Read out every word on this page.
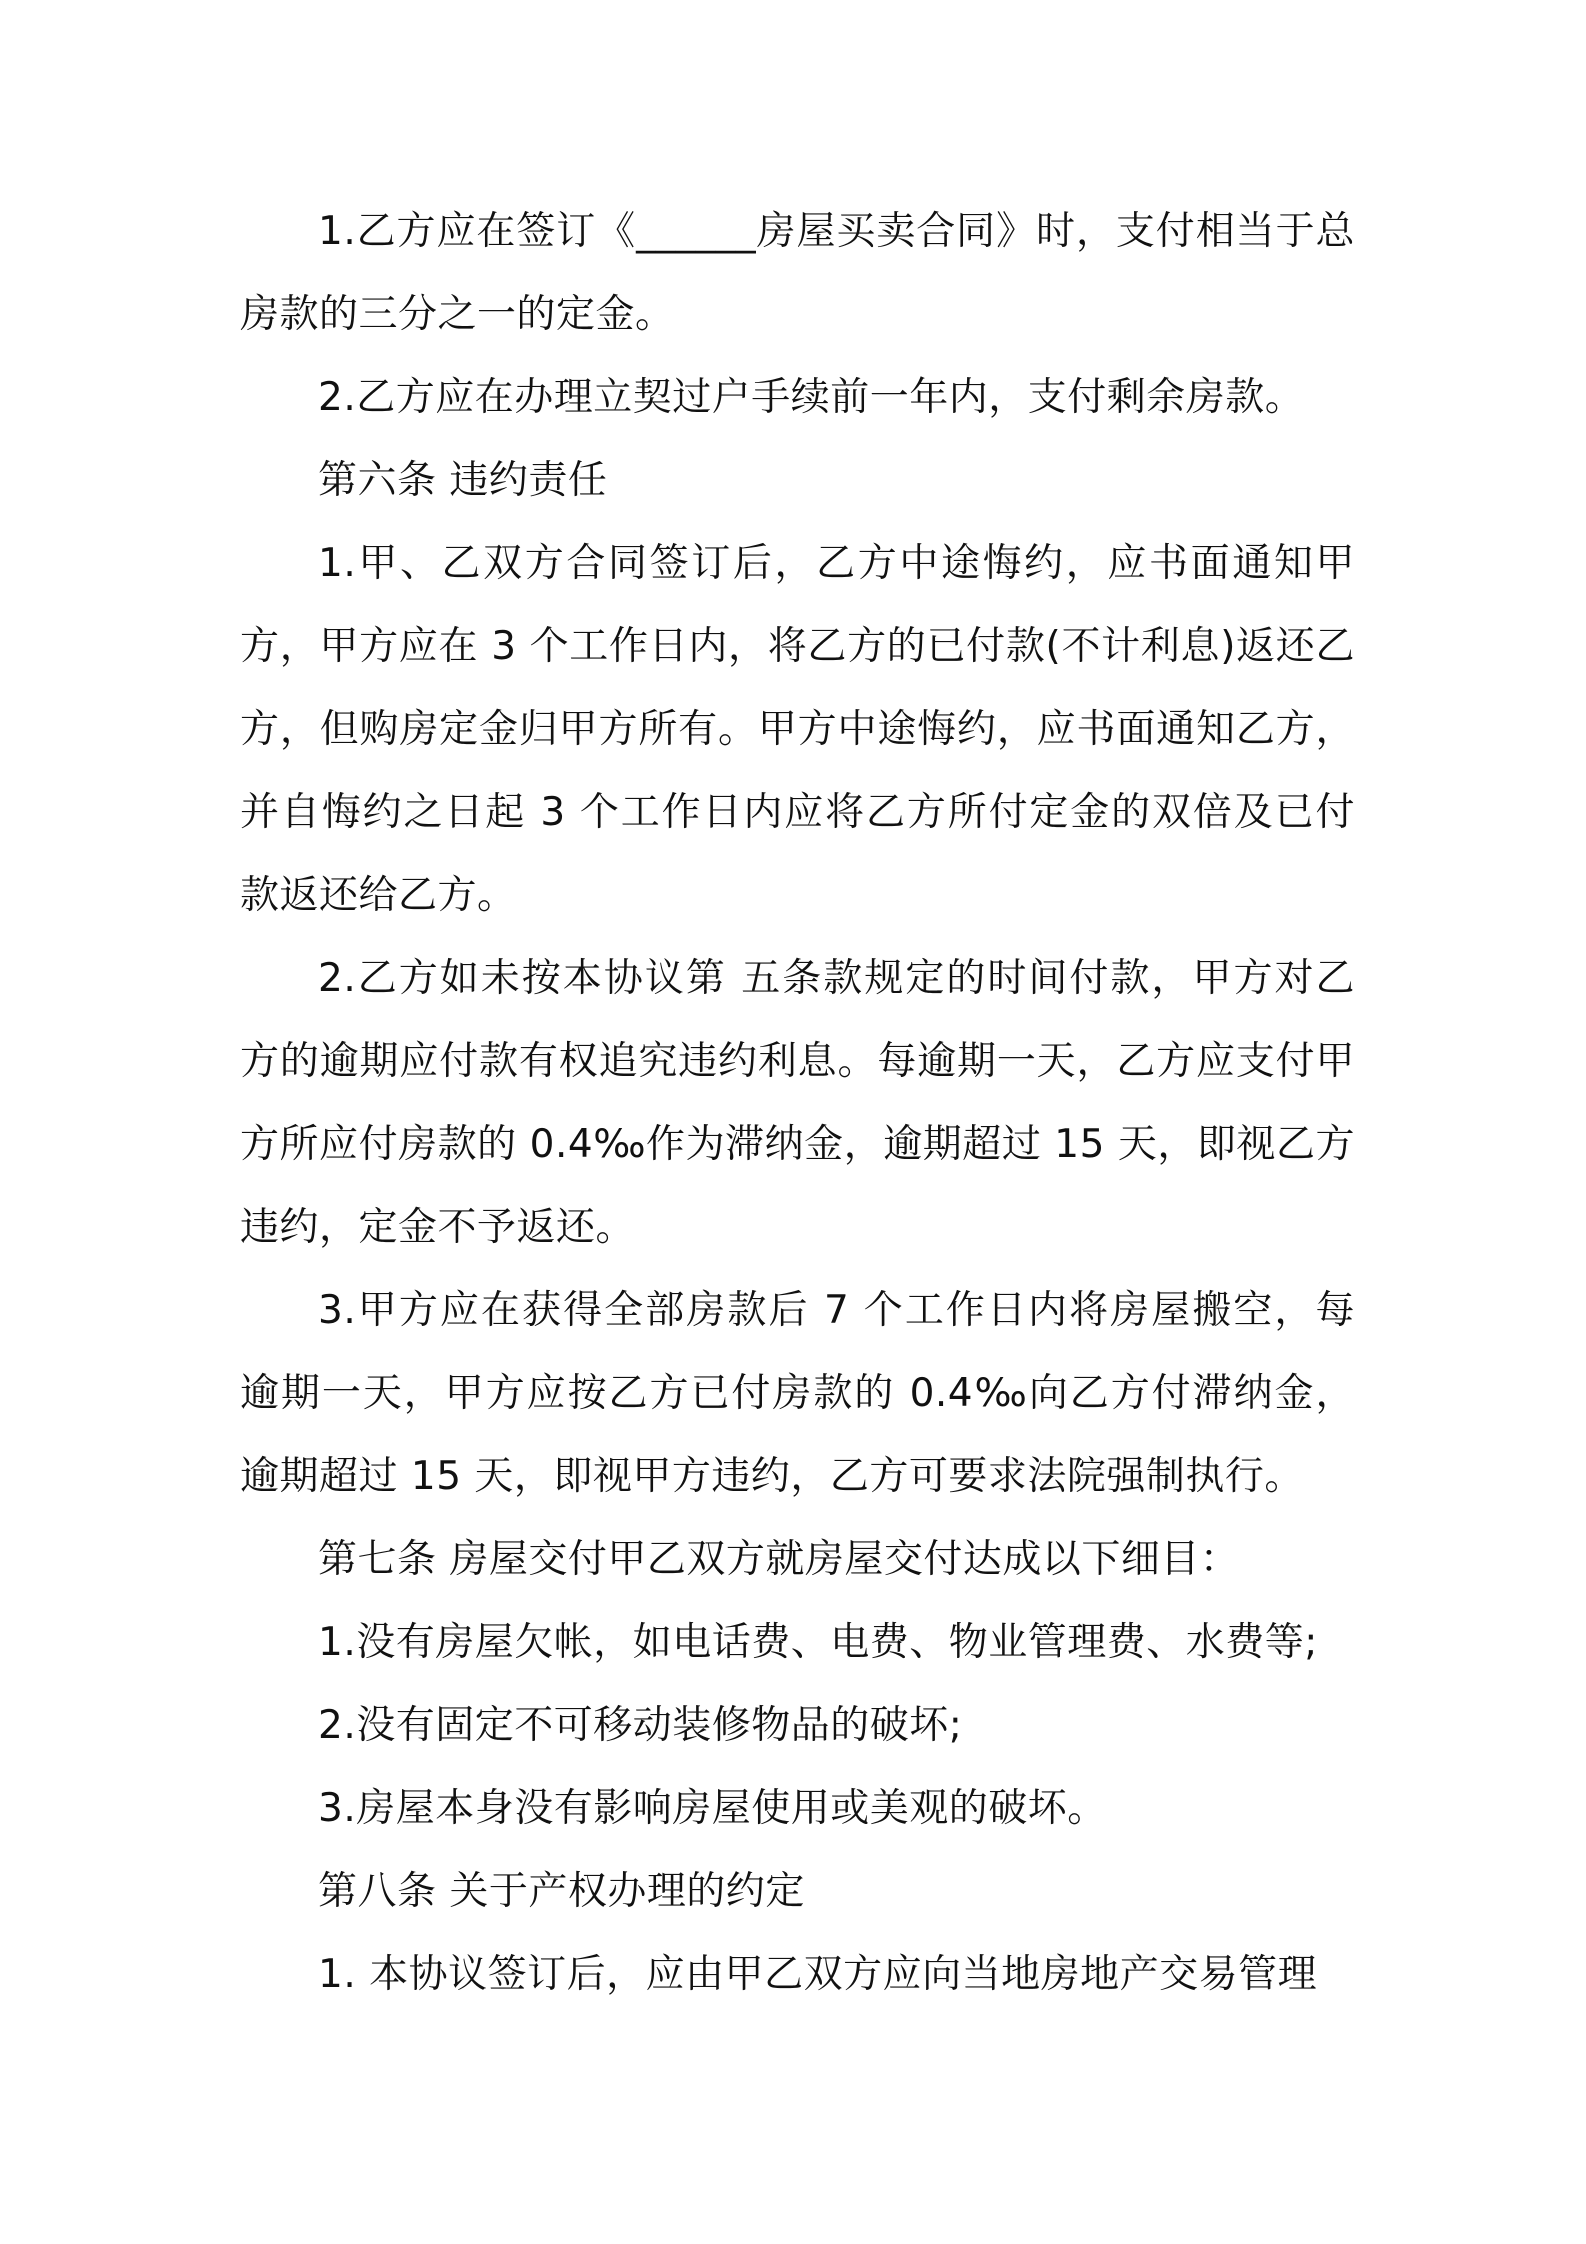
1.乙方应在签订《______房屋买卖合同》时，支付相当于总房款的三分之一的定金。

2.乙方应在办理立契过户手续前一年内，支付剩余房款。

第六条 违约责任

1.甲、乙双方合同签订后，乙方中途悔约，应书面通知甲方，甲方应在 3 个工作日内，将乙方的已付款(不计利息)返还乙方，但购房定金归甲方所有。甲方中途悔约，应书面通知乙方，并自悔约之日起 3 个工作日内应将乙方所付定金的双倍及已付款返还给乙方。

2.乙方如未按本协议第 五条款规定的时间付款，甲方对乙方的逾期应付款有权追究违约利息。每逾期一天，乙方应支付甲方所应付房款的 0.4‰作为滞纳金，逾期超过 15 天，即视乙方违约，定金不予返还。

3.甲方应在获得全部房款后 7 个工作日内将房屋搬空，每逾期一天，甲方应按乙方已付房款的 0.4‰向乙方付滞纳金，逾期超过 15 天，即视甲方违约，乙方可要求法院强制执行。

第七条 房屋交付甲乙双方就房屋交付达成以下细目：

1.没有房屋欠帐，如电话费、电费、物业管理费、水费等;

2.没有固定不可移动装修物品的破坏;

3.房屋本身没有影响房屋使用或美观的破坏。

第八条 关于产权办理的约定

1. 本协议签订后，应由甲乙双方应向当地房地产交易管理
